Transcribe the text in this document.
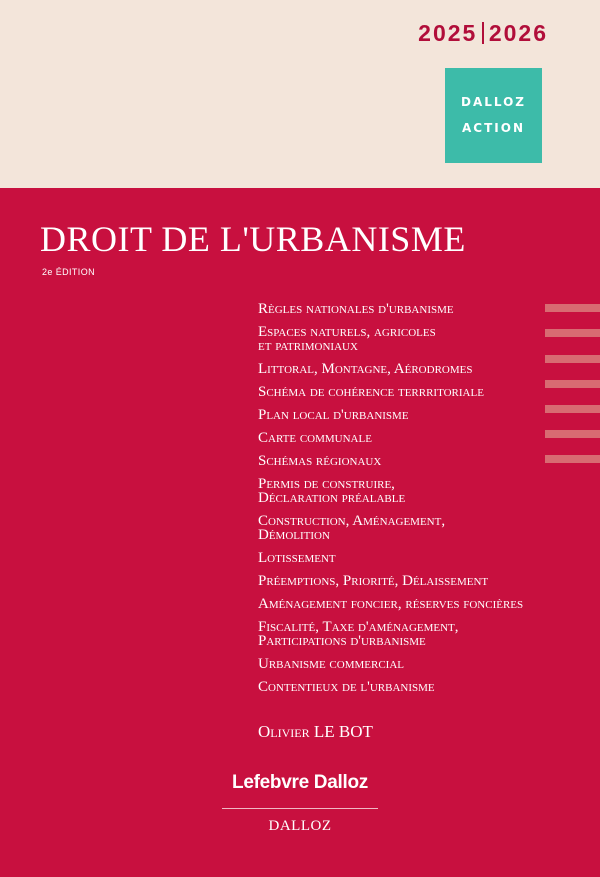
2025 2026
DALLOZ
ACTION
DROIT DE L'URBANISME
2e ÉDITION
Règles nationales d'urbanisme
Espaces naturels, agricoles
et patrimoniaux
Littoral, Montagne, Aérodromes
Schéma de cohérence terrritoriale
Plan local d'urbanisme
Carte communale
Schémas régionaux
Permis de construire,
Déclaration préalable
Construction, Aménagement,
Démolition
Lotissement
Préemptions, Priorité, Délaissement
Aménagement foncier, réserves foncières
Fiscalité, Taxe d'aménagement,
Participations d'urbanisme
Urbanisme commercial
Contentieux de l'urbanisme
Olivier LE BOT
Lefebvre Dalloz
DALLOZ
